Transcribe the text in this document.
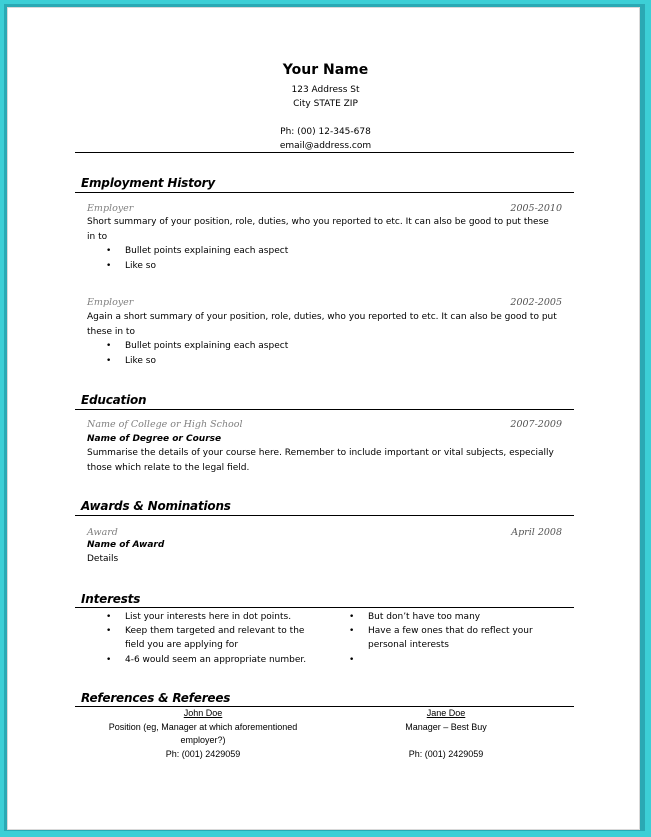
Your Name
123 Address St
City STATE ZIP
Ph: (00) 12-345-678
email@address.com
Employment History
Employer	2005-2010
Short summary of your position, role, duties, who you reported to etc. It can also be good to put these in to
• Bullet points explaining each aspect
• Like so
Employer	2002-2005
Again a short summary of your position, role, duties, who you reported to etc. It can also be good to put these in to
• Bullet points explaining each aspect
• Like so
Education
Name of College or High School	2007-2009
Name of Degree or Course
Summarise the details of your course here. Remember to include important or vital subjects, especially those which relate to the legal field.
Awards & Nominations
Award	April 2008
Name of Award
Details
Interests
• List your interests here in dot points.
• Keep them targeted and relevant to the field you are applying for
• 4-6 would seem an appropriate number.
• But don’t have too many
• Have a few ones that do reflect your personal interests
•
References & Referees
John Doe
Position (eg, Manager at which aforementioned employer?)
Ph: (001) 2429059
Jane Doe
Manager – Best Buy
Ph: (001) 2429059
